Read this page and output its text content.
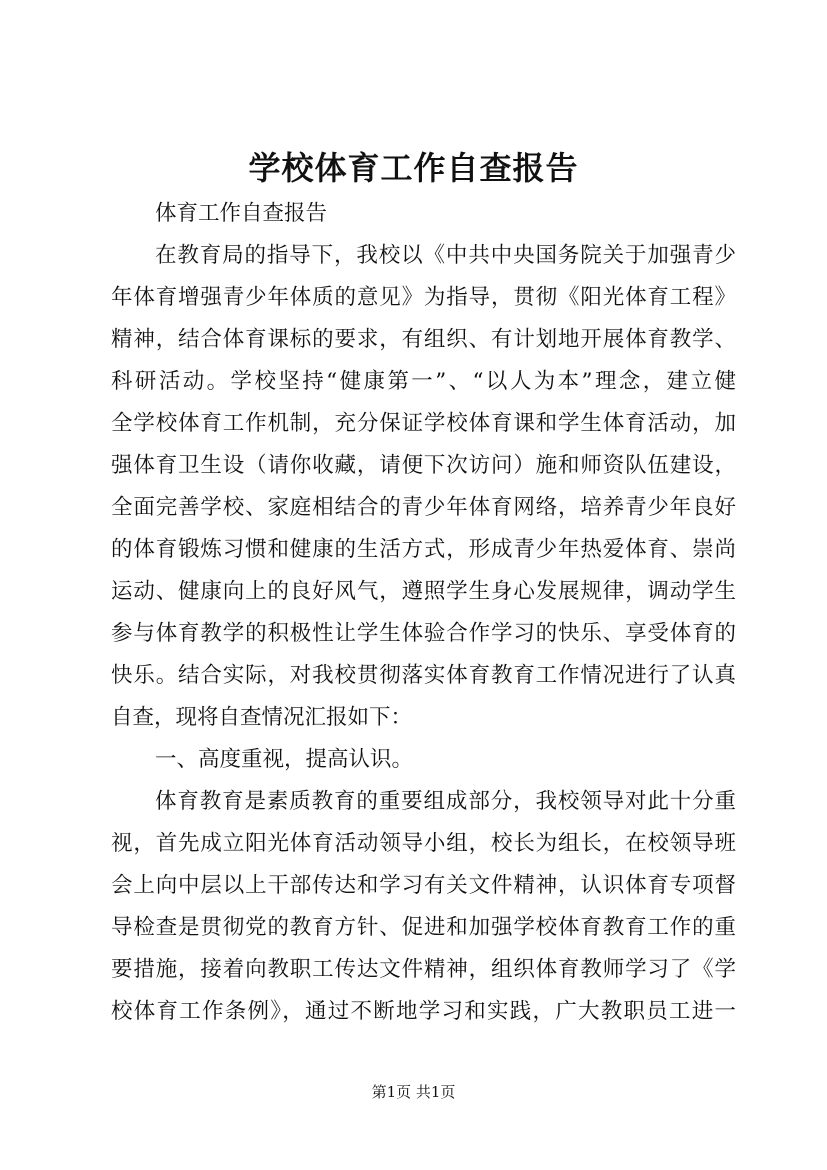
学校体育工作自查报告
体育工作自查报告
在教育局的指导下，我校以《中共中央国务院关于加强青少
年体育增强青少年体质的意见》为指导，贯彻《阳光体育工程》
精神，结合体育课标的要求，有组织、有计划地开展体育教学、
科研活动。学校坚持“健康第一”、“以人为本”理念，建立健
全学校体育工作机制，充分保证学校体育课和学生体育活动，加
强体育卫生设（请你收藏，请便下次访问）施和师资队伍建设，
全面完善学校、家庭相结合的青少年体育网络，培养青少年良好
的体育锻炼习惯和健康的生活方式，形成青少年热爱体育、崇尚
运动、健康向上的良好风气，遵照学生身心发展规律，调动学生
参与体育教学的积极性让学生体验合作学习的快乐、享受体育的
快乐。结合实际，对我校贯彻落实体育教育工作情况进行了认真
自查，现将自查情况汇报如下：
一、高度重视，提高认识。
体育教育是素质教育的重要组成部分，我校领导对此十分重
视，首先成立阳光体育活动领导小组，校长为组长，在校领导班
会上向中层以上干部传达和学习有关文件精神，认识体育专项督
导检查是贯彻党的教育方针、促进和加强学校体育教育工作的重
要措施，接着向教职工传达文件精神，组织体育教师学习了《学
校体育工作条例》，通过不断地学习和实践，广大教职员工进一
第1页 共1页
